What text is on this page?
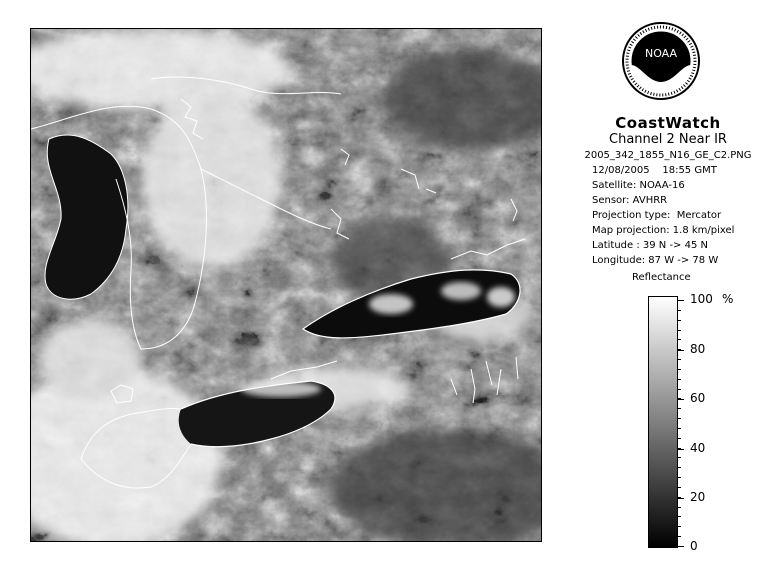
NOAA

CoastWatch

Channel 2 Near IR

2005_342_1855_N16_GE_C2.PNG

12/08/2005    18:55 GMT

Satellite: NOAA-16

Sensor: AVHRR

Projection type:  Mercator

Map projection: 1.8 km/pixel

Latitude : 39 N -> 45 N

Longitude: 87 W -> 78 W

Reflectance
%
100
80
60
40
20
0
